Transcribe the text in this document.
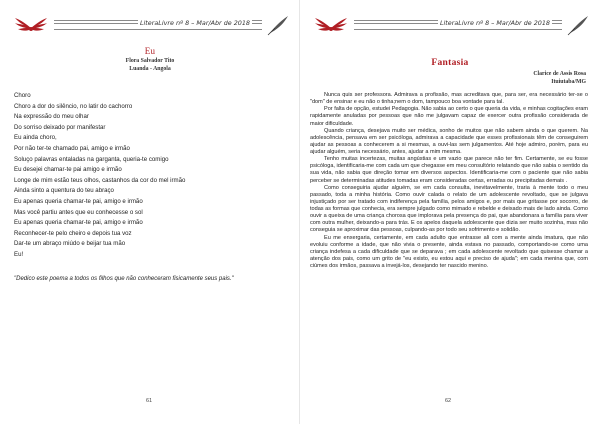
LiteraLivre nº 8 – Mar/Abr de 2018
Eu
Flora Salvador Tito
Luanda - Angola
Choro
Choro a dor do silêncio, no latir do cachorro
Na expressão do meu olhar
Do sorriso deixado por manifestar
Eu ainda choro,
Por não ter-te chamado pai, amigo e irmão
Soluço palavras entaladas na garganta, queria-te comigo
Eu desejei chamar-te pai amigo e irmão
Longe de mim estão teus olhos, castanhos da cor do mel irmão
Ainda sinto a quentura do teu abraço
Eu apenas queria chamar-te pai, amigo e irmão
Mas você partiu antes que eu conhecesse o sol
Eu apenas queria chamar-te pai, amigo e irmão
Reconhecer-te pelo cheiro e depois tua voz
Dar-te um abraço miúdo e beijar tua mão
Eu!
"Dedico este poema a todos os filhos que não conheceram fisicamente seus pais."
61
LiteraLivre nº 8 – Mar/Abr de 2018
Fantasia
Clarice de Assis Rosa
Ituiutaba/MG
62

Nunca quis ser professora. Admirava a profissão, mas acreditava que, para ser, era necessário ter-se o "dom" de ensinar e eu não o tinha;nem o dom, tampouco boa vontade para tal.

Por falta de opção, estudei Pedagogia. Não sabia ao certo o que queria da vida, e minhas cogitações eram rapidamente anuladas por pessoas que não me julgavam capaz de exercer outra profissão considerada de maior dificuldade.

Quando criança, desejava muito ser médica, sonho de muitos que não sabem ainda o que querem. Na adolescência, pensava em ser psicóloga, admirava a capacidade que esses profissionais têm de conseguirem ajudar as pessoas a conhecerem a si mesmas, a ouvi-las sem julgamentos. Até hoje admiro, porém, para eu ajudar alguém, seria necessário, antes, ajudar a mim mesma.

Tenho muitas incertezas, muitas angústias e um vazio que parece não ter fim. Certamente, se eu fosse psicóloga, identificaria-me com cada um que chegasse em meu consultório relatando que não sabia o sentido da sua vida, não sabia que direção tomar em diversos aspectos. Identificaria-me com o paciente que não sabia perceber se determinadas atitudes tomadas eram consideradas certas, erradas ou precipitadas demais .

Como conseguiria ajudar alguém, se em cada consulta, inevitavelmente, traria à mente todo o meu passado, toda a minha história. Como ouvir calada o relato de um adolescente revoltado, que se julgava injustiçado por ser tratado com indiferença pela família, pelos amigos e, por mais que gritasse por socorro, de todas as formas que conhecia, era sempre julgado como mimado e rebelde e deixado mais de lado ainda. Como ouvir a queixa de uma criança chorosa que implorava pela presença do pai, que abandonara a família para viver com outra mulher, deixando-a para trás. E os apelos daquela adolescente que dizia ser muito sozinha, mas não conseguia se aproximar das pessoas, culpando-as por todo seu sofrimento e solidão.

Eu me enxergaria, certamente, em cada adulto que entrasse ali com a mente ainda imatura, que não evoluiu conforme a idade, que não vivia o presente, ainda estava no passado, comportando-se como uma criança indefesa a cada dificuldade que se deparava ; em cada adolescente revoltado que quisesse chamar a atenção dos pais, como um grito de "eu existo, eu estou aqui e preciso de ajuda"; em cada menina que, com ciúmes dos irmãos, passava a invejá-los, desejando ter nascido menino.
